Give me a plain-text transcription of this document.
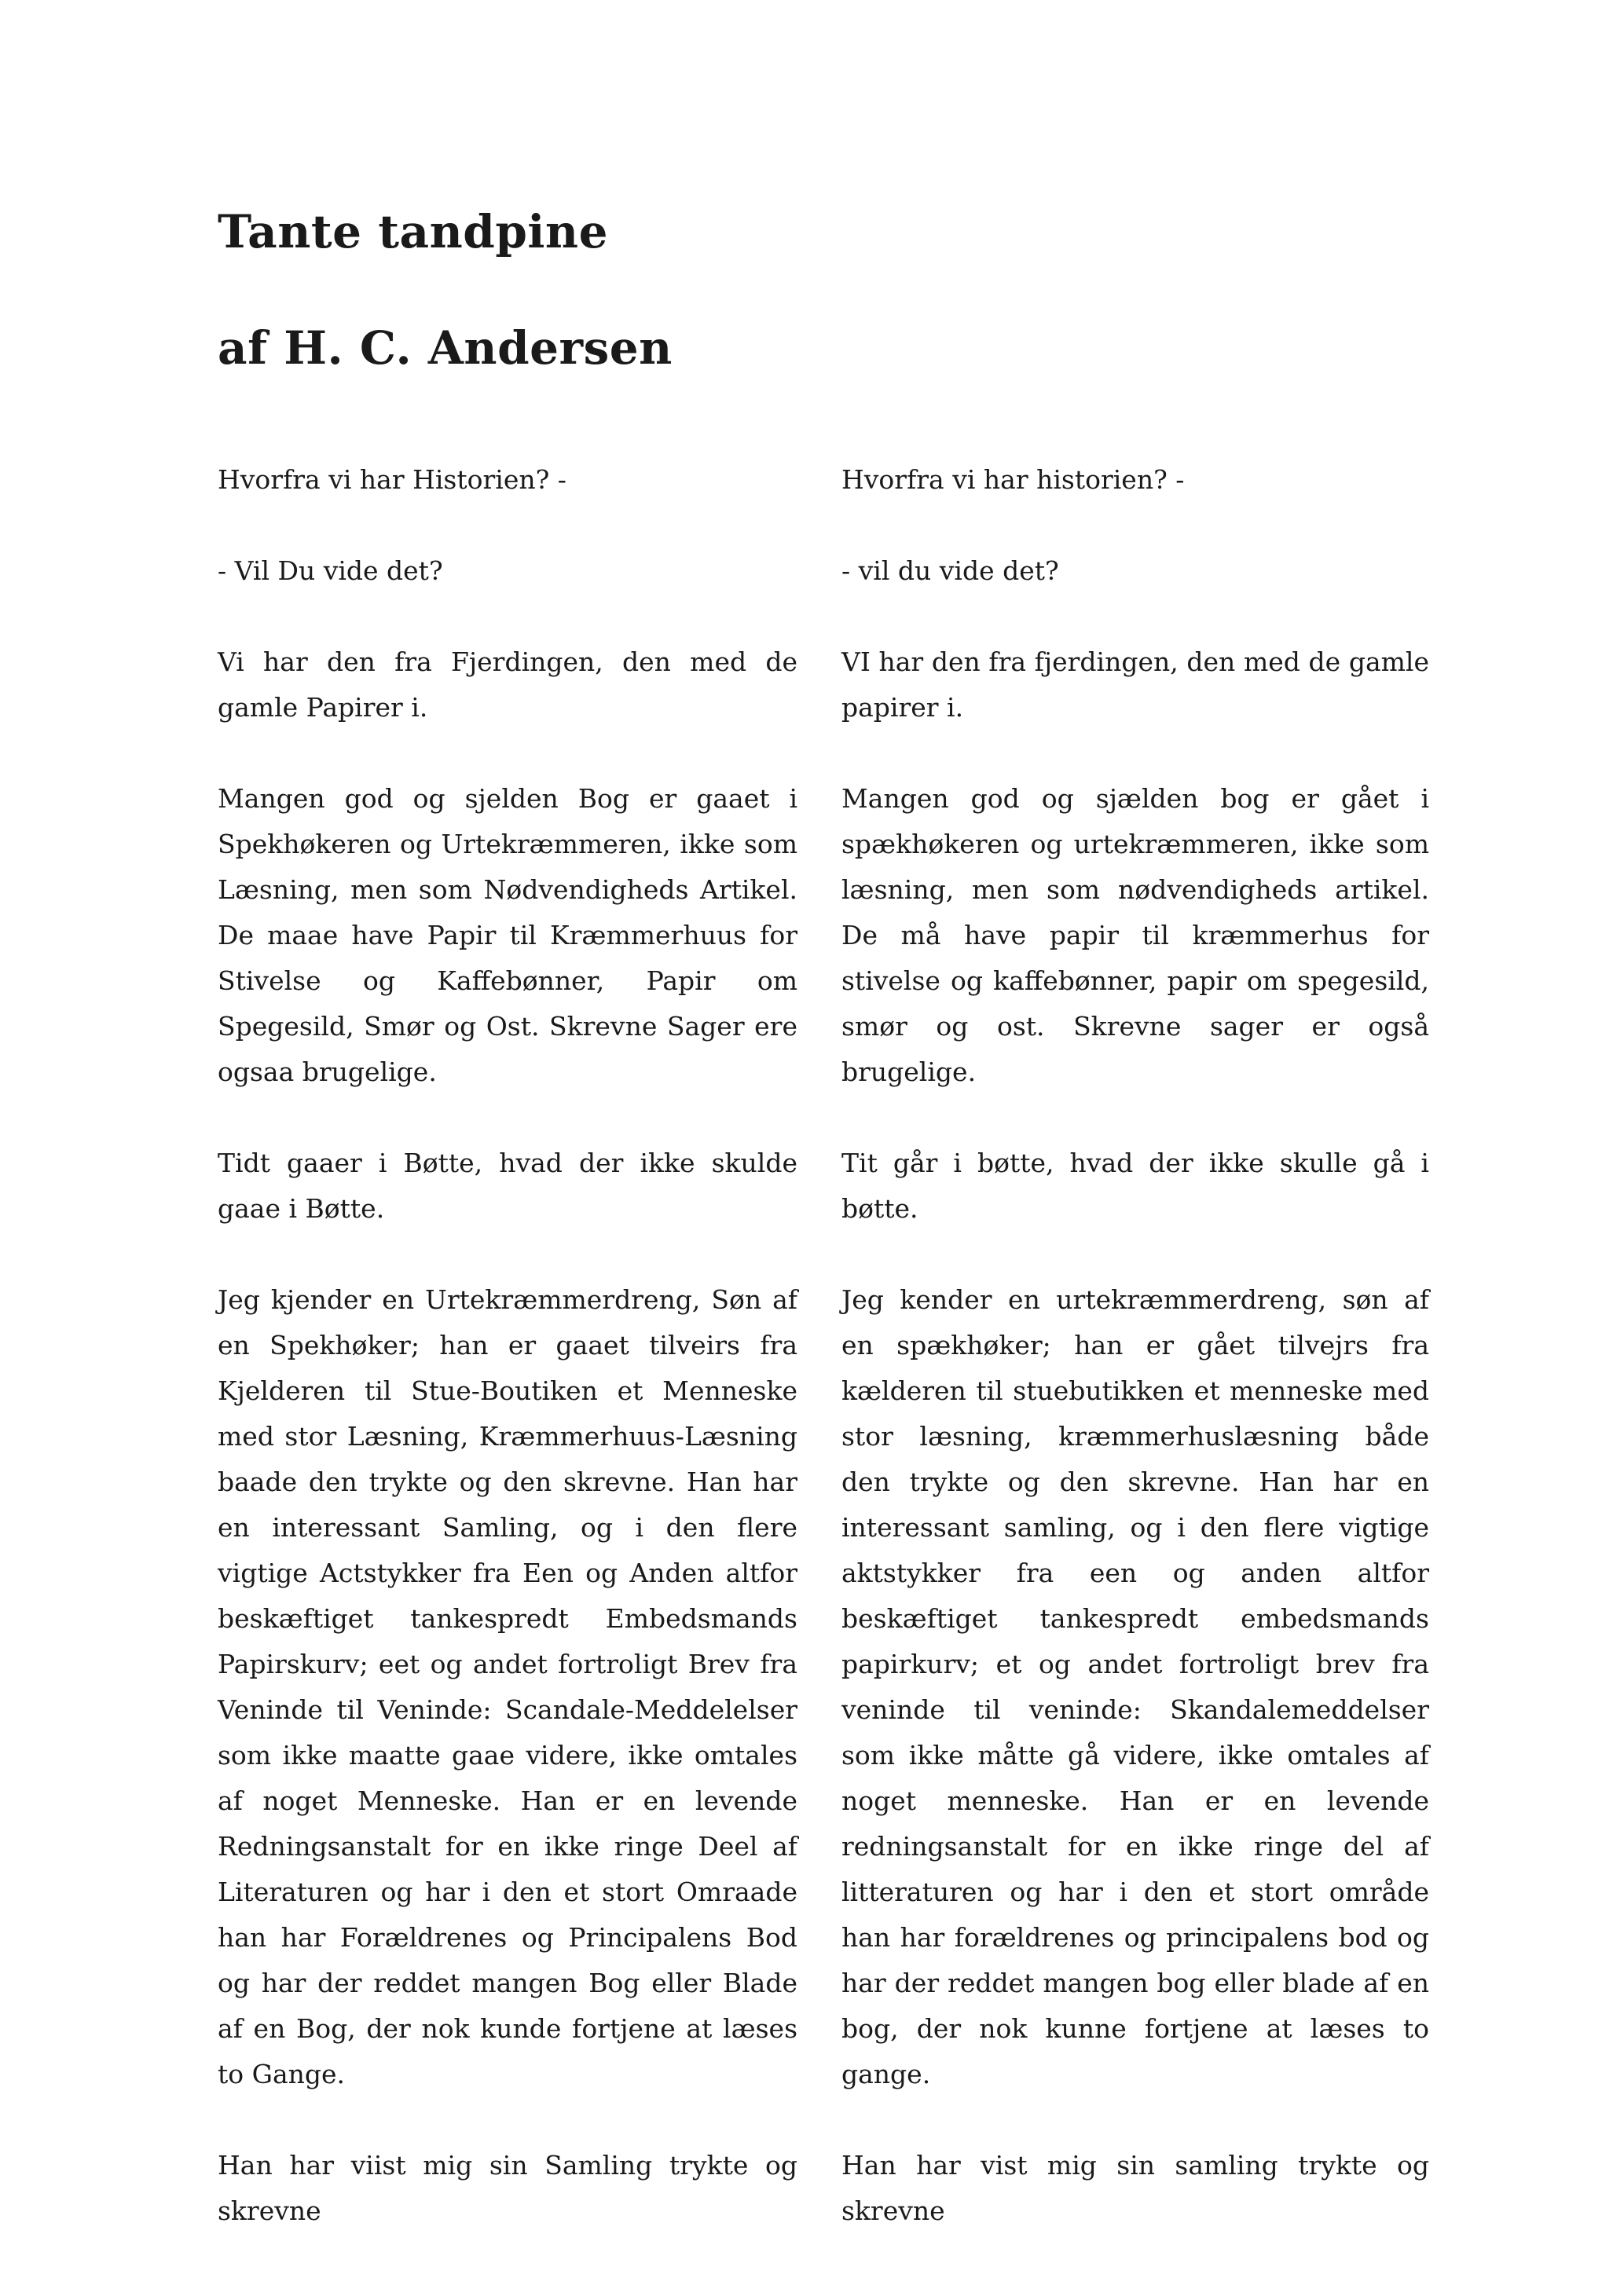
Tante tandpine
af H. C. Andersen

Hvorfra vi har Historien? -

- Vil Du vide det?

Vi har den fra Fjerdingen, den med de gamle Papirer i.

Mangen god og sjelden Bog er gaaet i Spekhøkeren og Urtekræmmeren, ikke som Læsning, men som Nødvendigheds Artikel. De maae have Papir til Kræmmerhuus for Stivelse og Kaffebønner, Papir om Spegesild, Smør og Ost. Skrevne Sager ere ogsaa brugelige.

Tidt gaaer i Bøtte, hvad der ikke skulde gaae i Bøtte.

Jeg kjender en Urtekræmmerdreng, Søn af en Spekhøker; han er gaaet tilveirs fra Kjelderen til Stue-Boutiken et Menneske med stor Læsning, Kræmmerhuus-Læsning baade den trykte og den skrevne. Han har en interessant Samling, og i den flere vigtige Actstykker fra Een og Anden altfor beskæftiget tankespredt Embedsmands Papirskurv; eet og andet fortroligt Brev fra Veninde til Veninde: Scandale-Meddelelser som ikke maatte gaae videre, ikke omtales af noget Menneske. Han er en levende Redningsanstalt for en ikke ringe Deel af Literaturen og har i den et stort Omraade han har Forældrenes og Principalens Bod og har der reddet mangen Bog eller Blade af en Bog, der nok kunde fortjene at læses to Gange.

Han har viist mig sin Samling trykte og skrevne

Hvorfra vi har historien? -

- vil du vide det?

VI har den fra fjerdingen, den med de gamle papirer i.

Mangen god og sjælden bog er gået i spækhøkeren og urtekræmmeren, ikke som læsning, men som nødvendigheds artikel. De må have papir til kræmmerhus for stivelse og kaffebønner, papir om spegesild, smør og ost. Skrevne sager er også brugelige.

Tit går i bøtte, hvad der ikke skulle gå i bøtte.

Jeg kender en urtekræmmerdreng, søn af en spækhøker; han er gået tilvejrs fra kælderen til stuebutikken et menneske med stor læsning, kræmmerhuslæsning både den trykte og den skrevne. Han har en interessant samling, og i den flere vigtige aktstykker fra een og anden altfor beskæftiget tankespredt embedsmands papirkurv; et og andet fortroligt brev fra veninde til veninde: Skandalemeddelser som ikke måtte gå videre, ikke omtales af noget menneske. Han er en levende redningsanstalt for en ikke ringe del af litteraturen og har i den et stort område han har forældrenes og principalens bod og har der reddet mangen bog eller blade af en bog, der nok kunne fortjene at læses to gange.

Han har vist mig sin samling trykte og skrevne
